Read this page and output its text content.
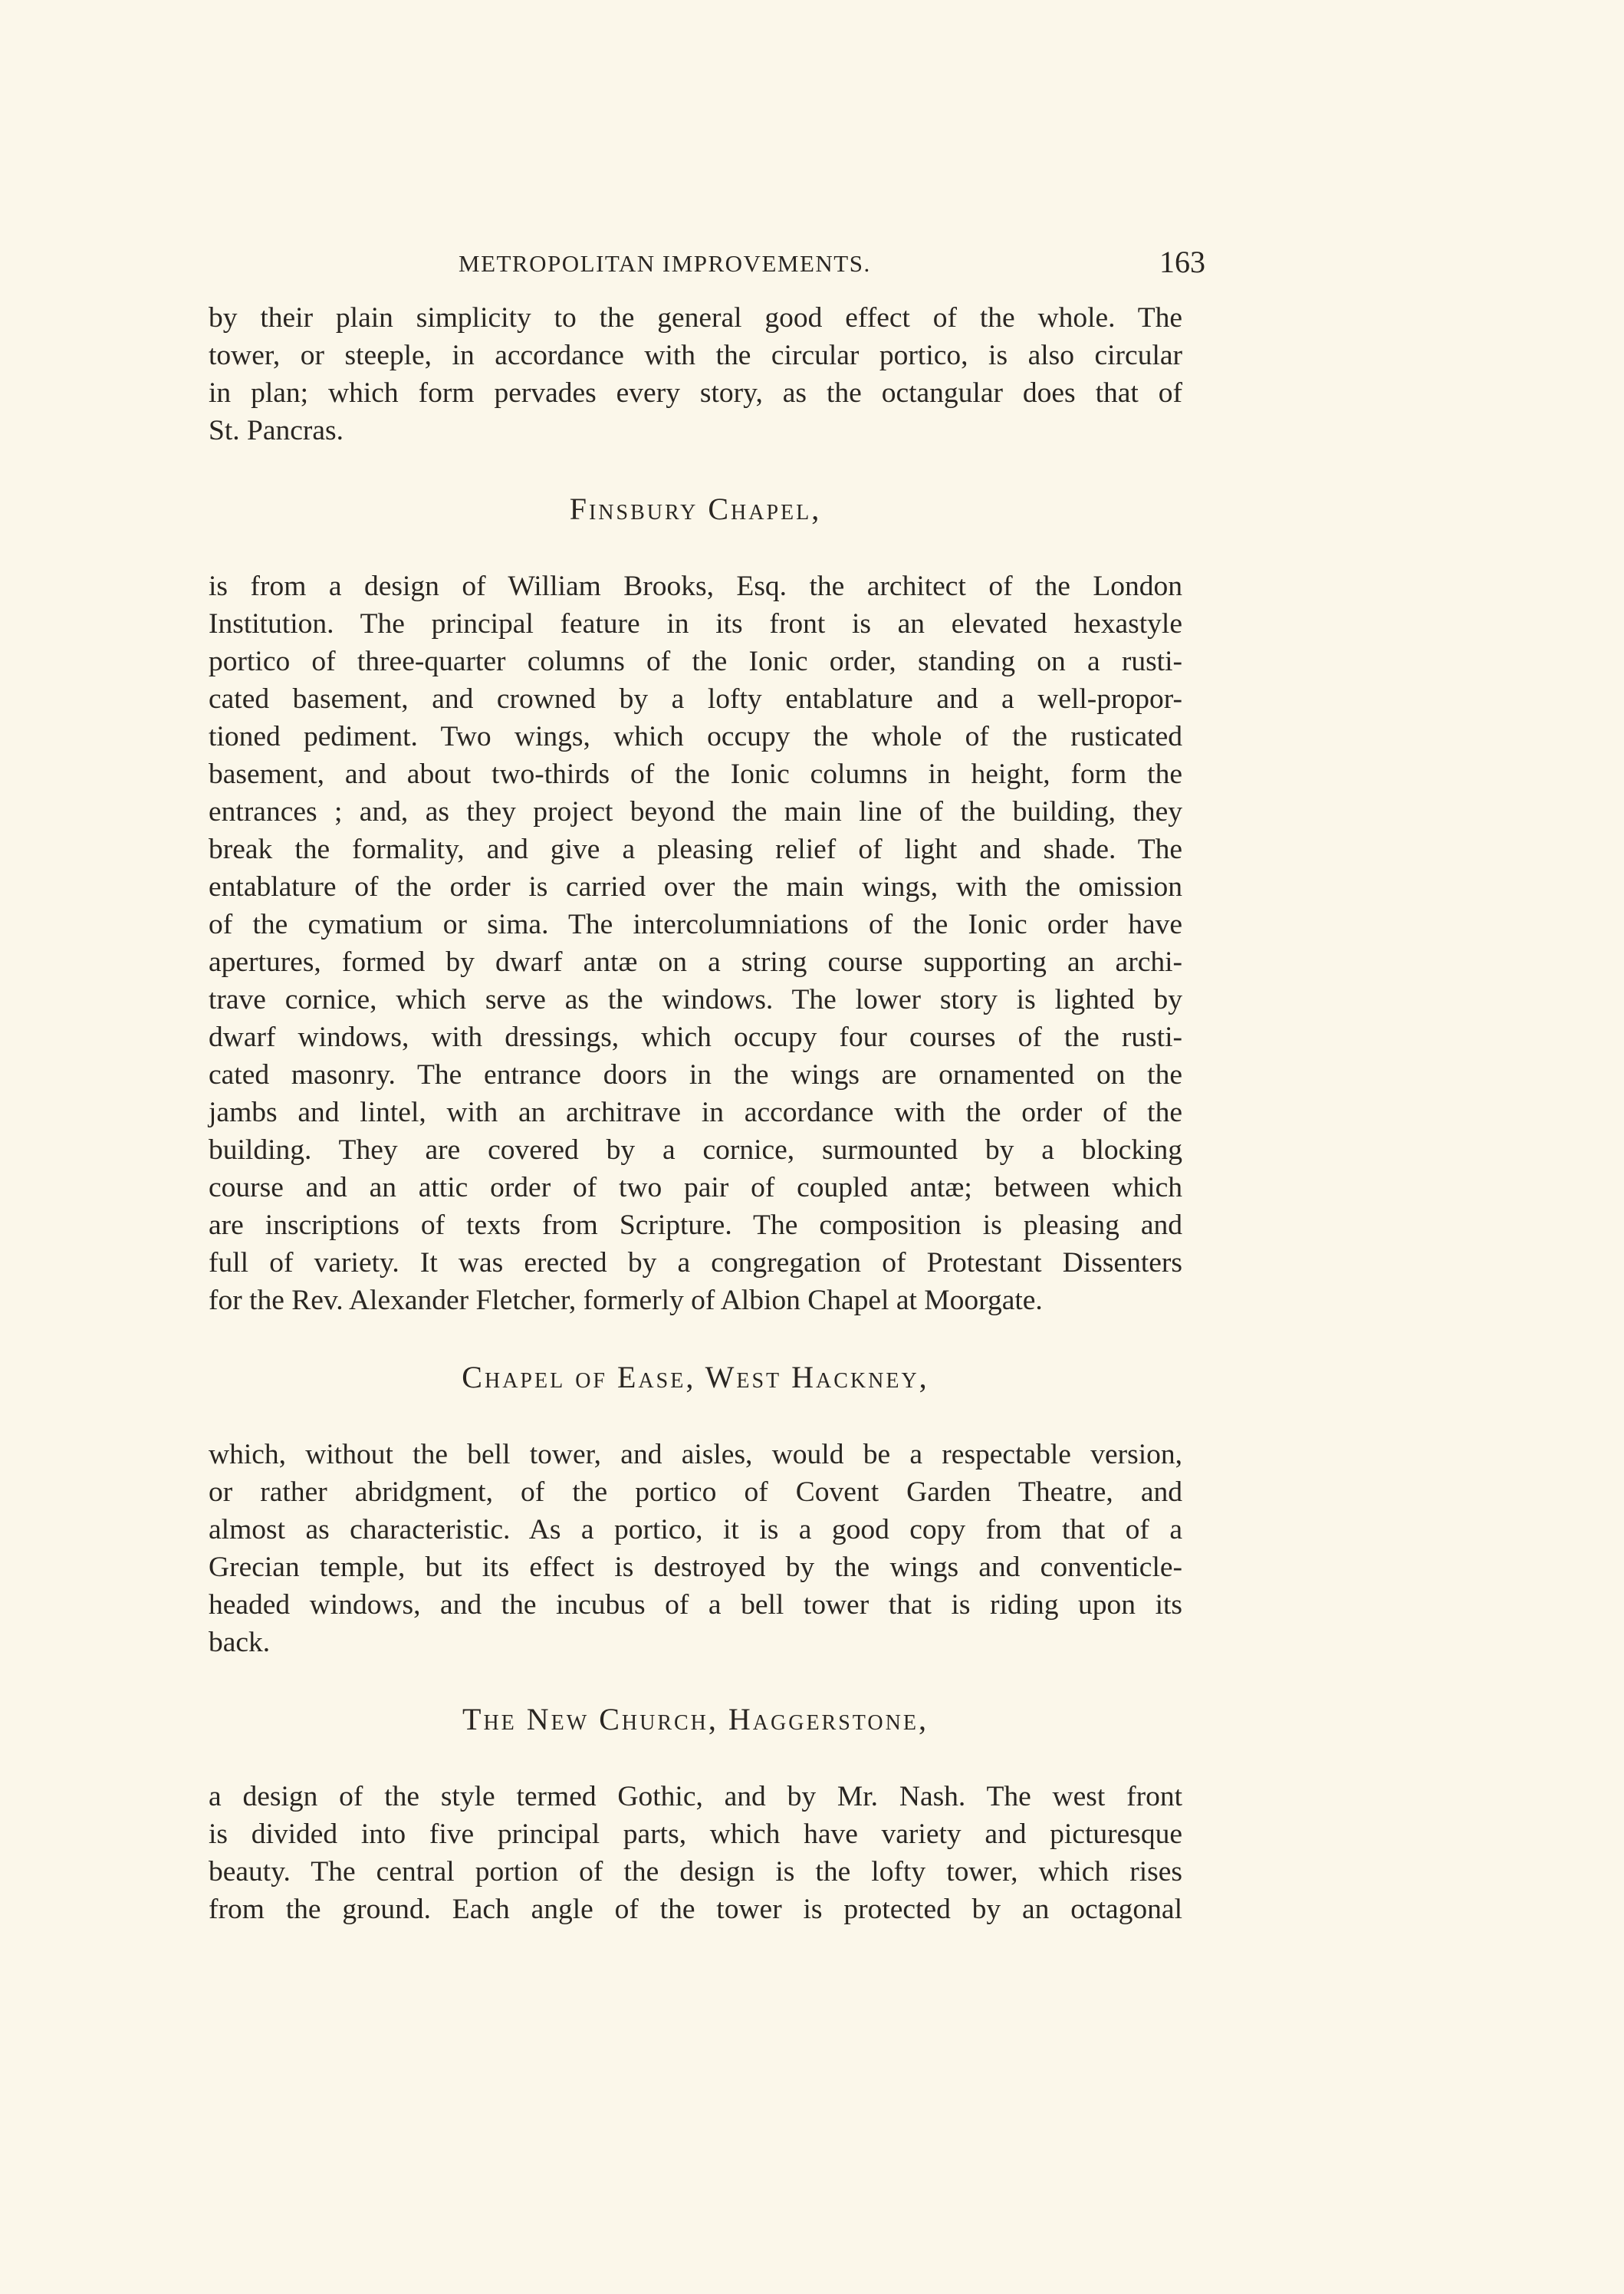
METROPOLITAN IMPROVEMENTS.	163
by their plain simplicity to the general good effect of the whole. The
tower, or steeple, in accordance with the circular portico, is also circular
in plan; which form pervades every story, as the octangular does that of
St. Pancras.
Finsbury Chapel,
is from a design of William Brooks, Esq. the architect of the London
Institution. The principal feature in its front is an elevated hexastyle
portico of three-quarter columns of the Ionic order, standing on a rusti-
cated basement, and crowned by a lofty entablature and a well-propor-
tioned pediment. Two wings, which occupy the whole of the rusticated
basement, and about two-thirds of the Ionic columns in height, form the
entrances ; and, as they project beyond the main line of the building, they
break the formality, and give a pleasing relief of light and shade. The
entablature of the order is carried over the main wings, with the omission
of the cymatium or sima. The intercolumniations of the Ionic order have
apertures, formed by dwarf antæ on a string course supporting an archi-
trave cornice, which serve as the windows. The lower story is lighted by
dwarf windows, with dressings, which occupy four courses of the rusti-
cated masonry. The entrance doors in the wings are ornamented on the
jambs and lintel, with an architrave in accordance with the order of the
building. They are covered by a cornice, surmounted by a blocking
course and an attic order of two pair of coupled antæ; between which
are inscriptions of texts from Scripture. The composition is pleasing and
full of variety. It was erected by a congregation of Protestant Dissenters
for the Rev. Alexander Fletcher, formerly of Albion Chapel at Moorgate.
Chapel of Ease, West Hackney,
which, without the bell tower, and aisles, would be a respectable version,
or rather abridgment, of the portico of Covent Garden Theatre, and
almost as characteristic. As a portico, it is a good copy from that of a
Grecian temple, but its effect is destroyed by the wings and conventicle-
headed windows, and the incubus of a bell tower that is riding upon its
back.
The New Church, Haggerstone,
a design of the style termed Gothic, and by Mr. Nash. The west front
is divided into five principal parts, which have variety and picturesque
beauty. The central portion of the design is the lofty tower, which rises
from the ground. Each angle of the tower is protected by an octagonal
